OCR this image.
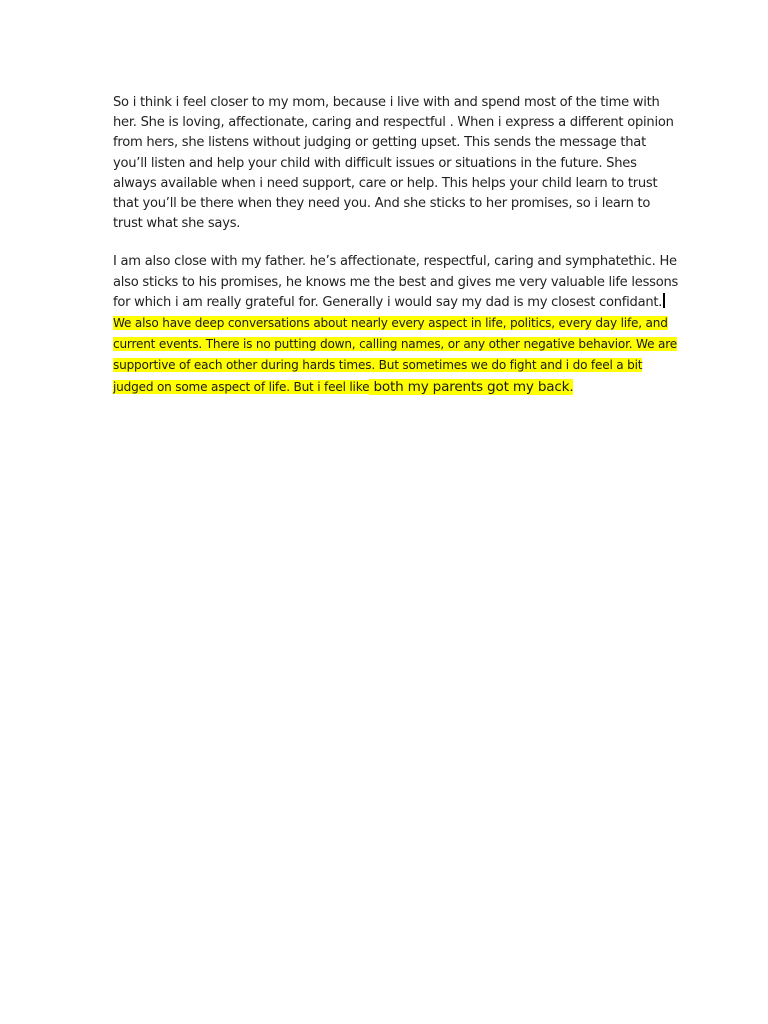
So i think i feel closer to my mom, because i live with and spend most of the time with her. She is loving, affectionate, caring and respectful . When i express a different opinion from hers, she listens without judging or getting upset. This sends the message that you’ll listen and help your child with difficult issues or situations in the future. Shes always available when i need support, care or help. This helps your child learn to trust that you’ll be there when they need you. And she sticks to her promises, so i learn to trust what she says.

I am also close with my father. he’s affectionate, respectful, caring and symphatethic. He also sticks to his promises, he knows me the best and gives me very valuable life lessons for which i am really grateful for. Generally i would say my dad is my closest confidant.We also have deep conversations about nearly every aspect in life, politics, every day life, and current events. There is no putting down, calling names, or any other negative behavior. We are supportive of each other during hards times. But sometimes we do fight and i do feel a bit judged on some aspect of life. But i feel like both my parents got my back.
